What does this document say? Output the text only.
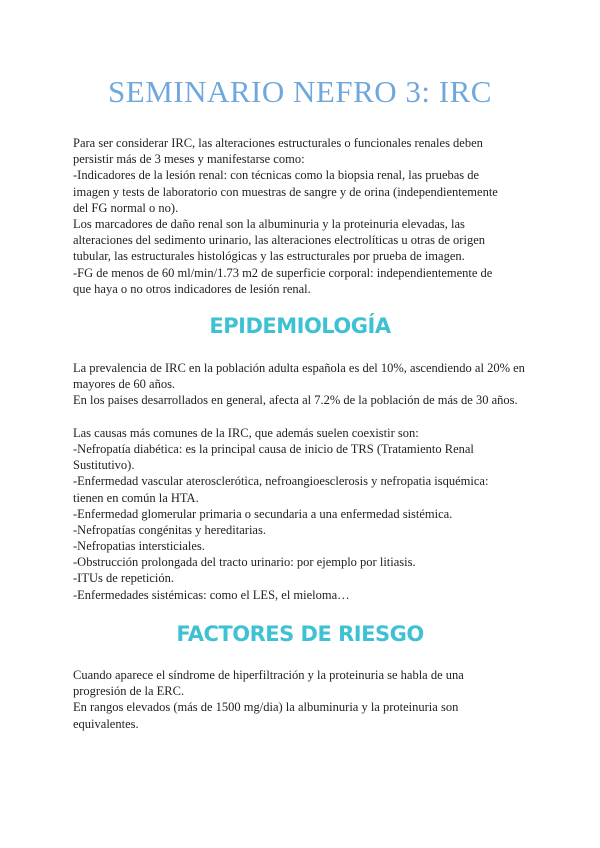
SEMINARIO NEFRO 3: IRC
Para ser considerar IRC, las alteraciones estructurales o funcionales renales deben
persistir más de 3 meses y manifestarse como:
-Indicadores de la lesión renal: con técnicas como la biopsia renal, las pruebas de
imagen y tests de laboratorio con muestras de sangre y de orina (independientemente
del FG normal o no).
Los marcadores de daño renal son la albuminuria y la proteinuria elevadas, las
alteraciones del sedimento urinario, las alteraciones electrolíticas u otras de origen
tubular, las estructurales histológicas y las estructurales por prueba de imagen.
-FG de menos de 60 ml/min/1.73 m2 de superficie corporal: independientemente de
que haya o no otros indicadores de lesión renal.
EPIDEMIOLOGÍA
La prevalencia de IRC en la población adulta española es del 10%, ascendiendo al 20% en
mayores de 60 años.
En los paises desarrollados en general, afecta al 7.2% de la población de más de 30 años.
Las causas más comunes de la IRC, que además suelen coexistir son:
-Nefropatía diabética: es la principal causa de inicio de TRS (Tratamiento Renal
Sustitutivo).
-Enfermedad vascular aterosclerótica, nefroangioesclerosis y nefropatia isquémica:
tienen en común la HTA.
-Enfermedad glomerular primaria o secundaria a una enfermedad sistémica.
-Nefropatías congénitas y hereditarias.
-Nefropatias intersticiales.
-Obstrucción prolongada del tracto urinario: por ejemplo por litiasis.
-ITUs de repetición.
-Enfermedades sistémicas: como el LES, el mieloma…
FACTORES DE RIESGO
Cuando aparece el síndrome de hiperfiltración y la proteinuria se habla de una
progresión de la ERC.
En rangos elevados (más de 1500 mg/dia) la albuminuria y la proteinuria son
equivalentes.
